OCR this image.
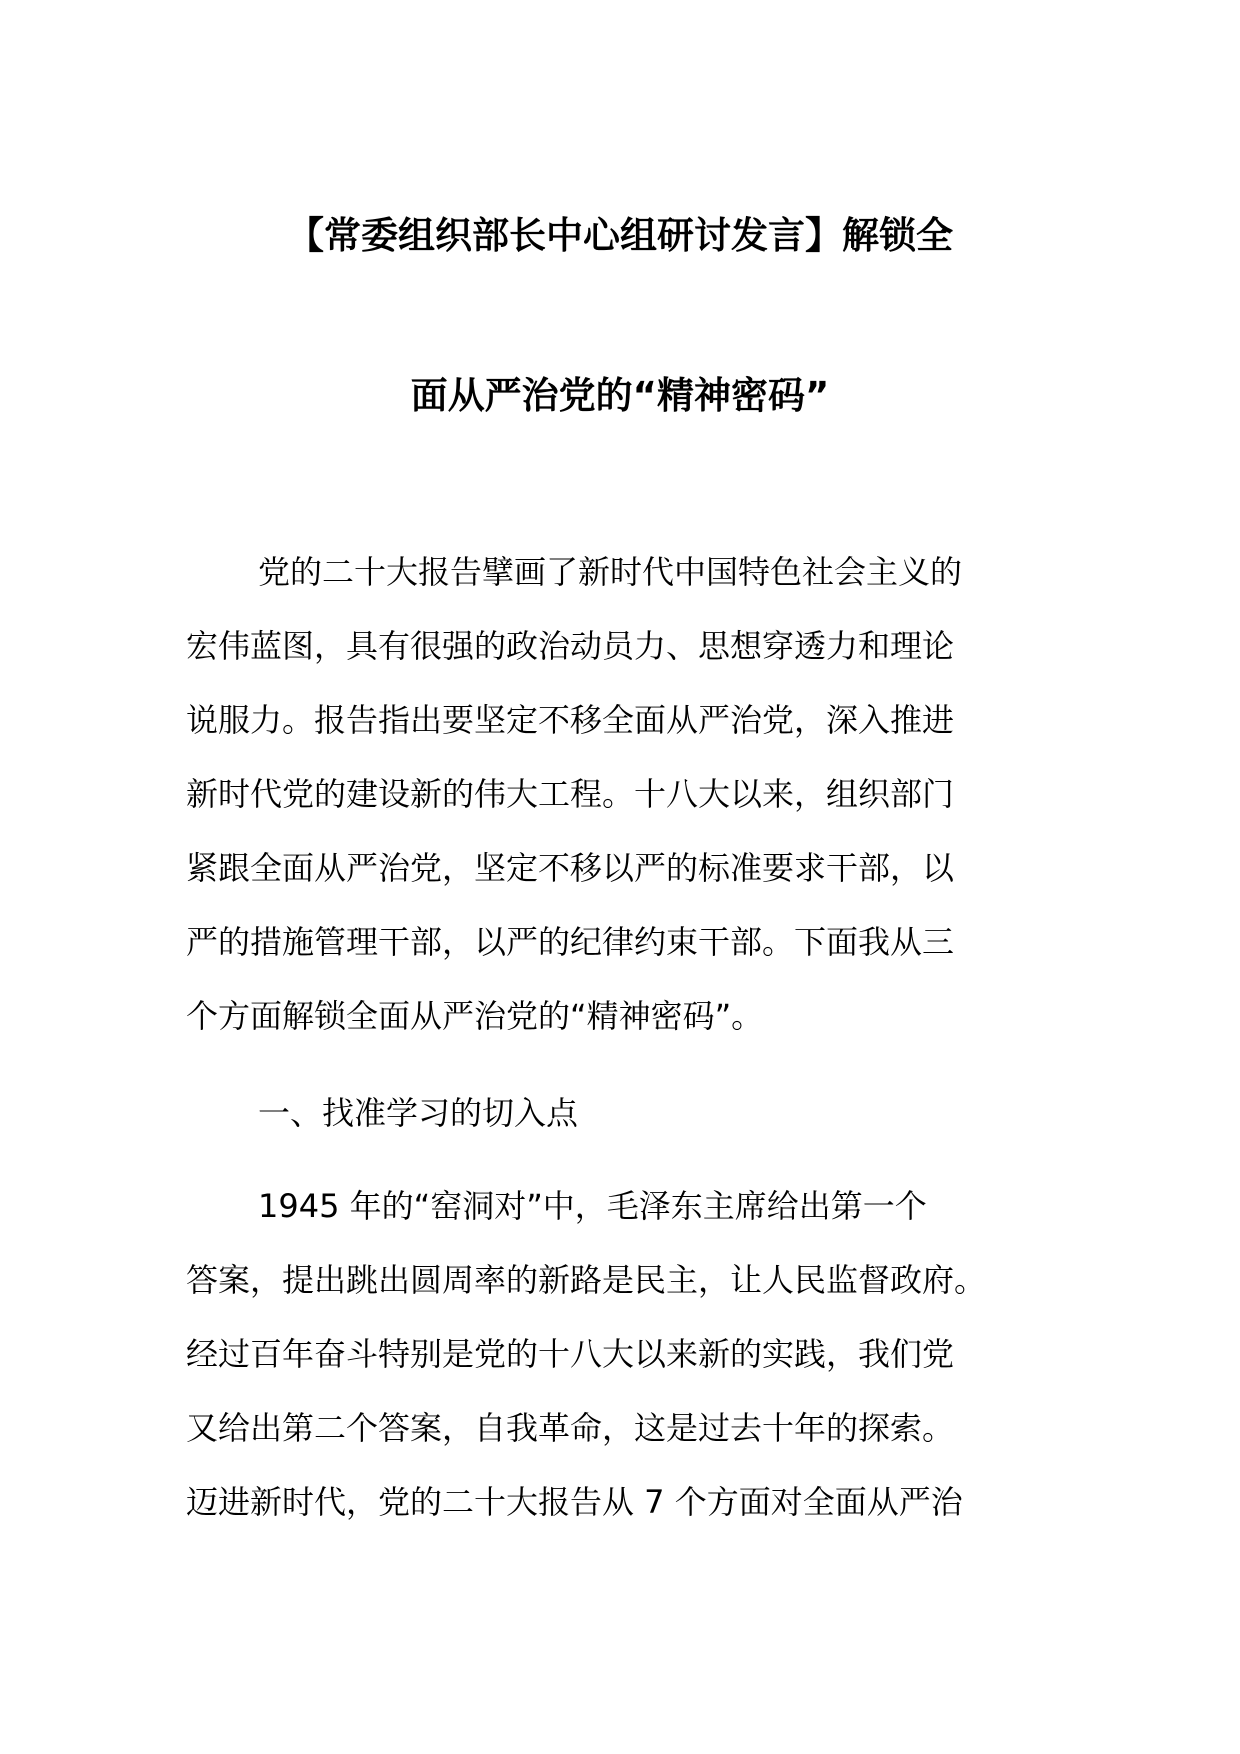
【常委组织部长中心组研讨发言】解锁全
面从严治党的“精神密码”
党的二十大报告擘画了新时代中国特色社会主义的
宏伟蓝图，具有很强的政治动员力、思想穿透力和理论
说服力。报告指出要坚定不移全面从严治党，深入推进
新时代党的建设新的伟大工程。十八大以来，组织部门
紧跟全面从严治党，坚定不移以严的标准要求干部，以
严的措施管理干部，以严的纪律约束干部。下面我从三
个方面解锁全面从严治党的“精神密码”。
一、找准学习的切入点
1945 年的“窑洞对”中，毛泽东主席给出第一个
答案，提出跳出圆周率的新路是民主，让人民监督政府。
经过百年奋斗特别是党的十八大以来新的实践，我们党
又给出第二个答案，自我革命，这是过去十年的探索。
迈进新时代，党的二十大报告从 7 个方面对全面从严治
